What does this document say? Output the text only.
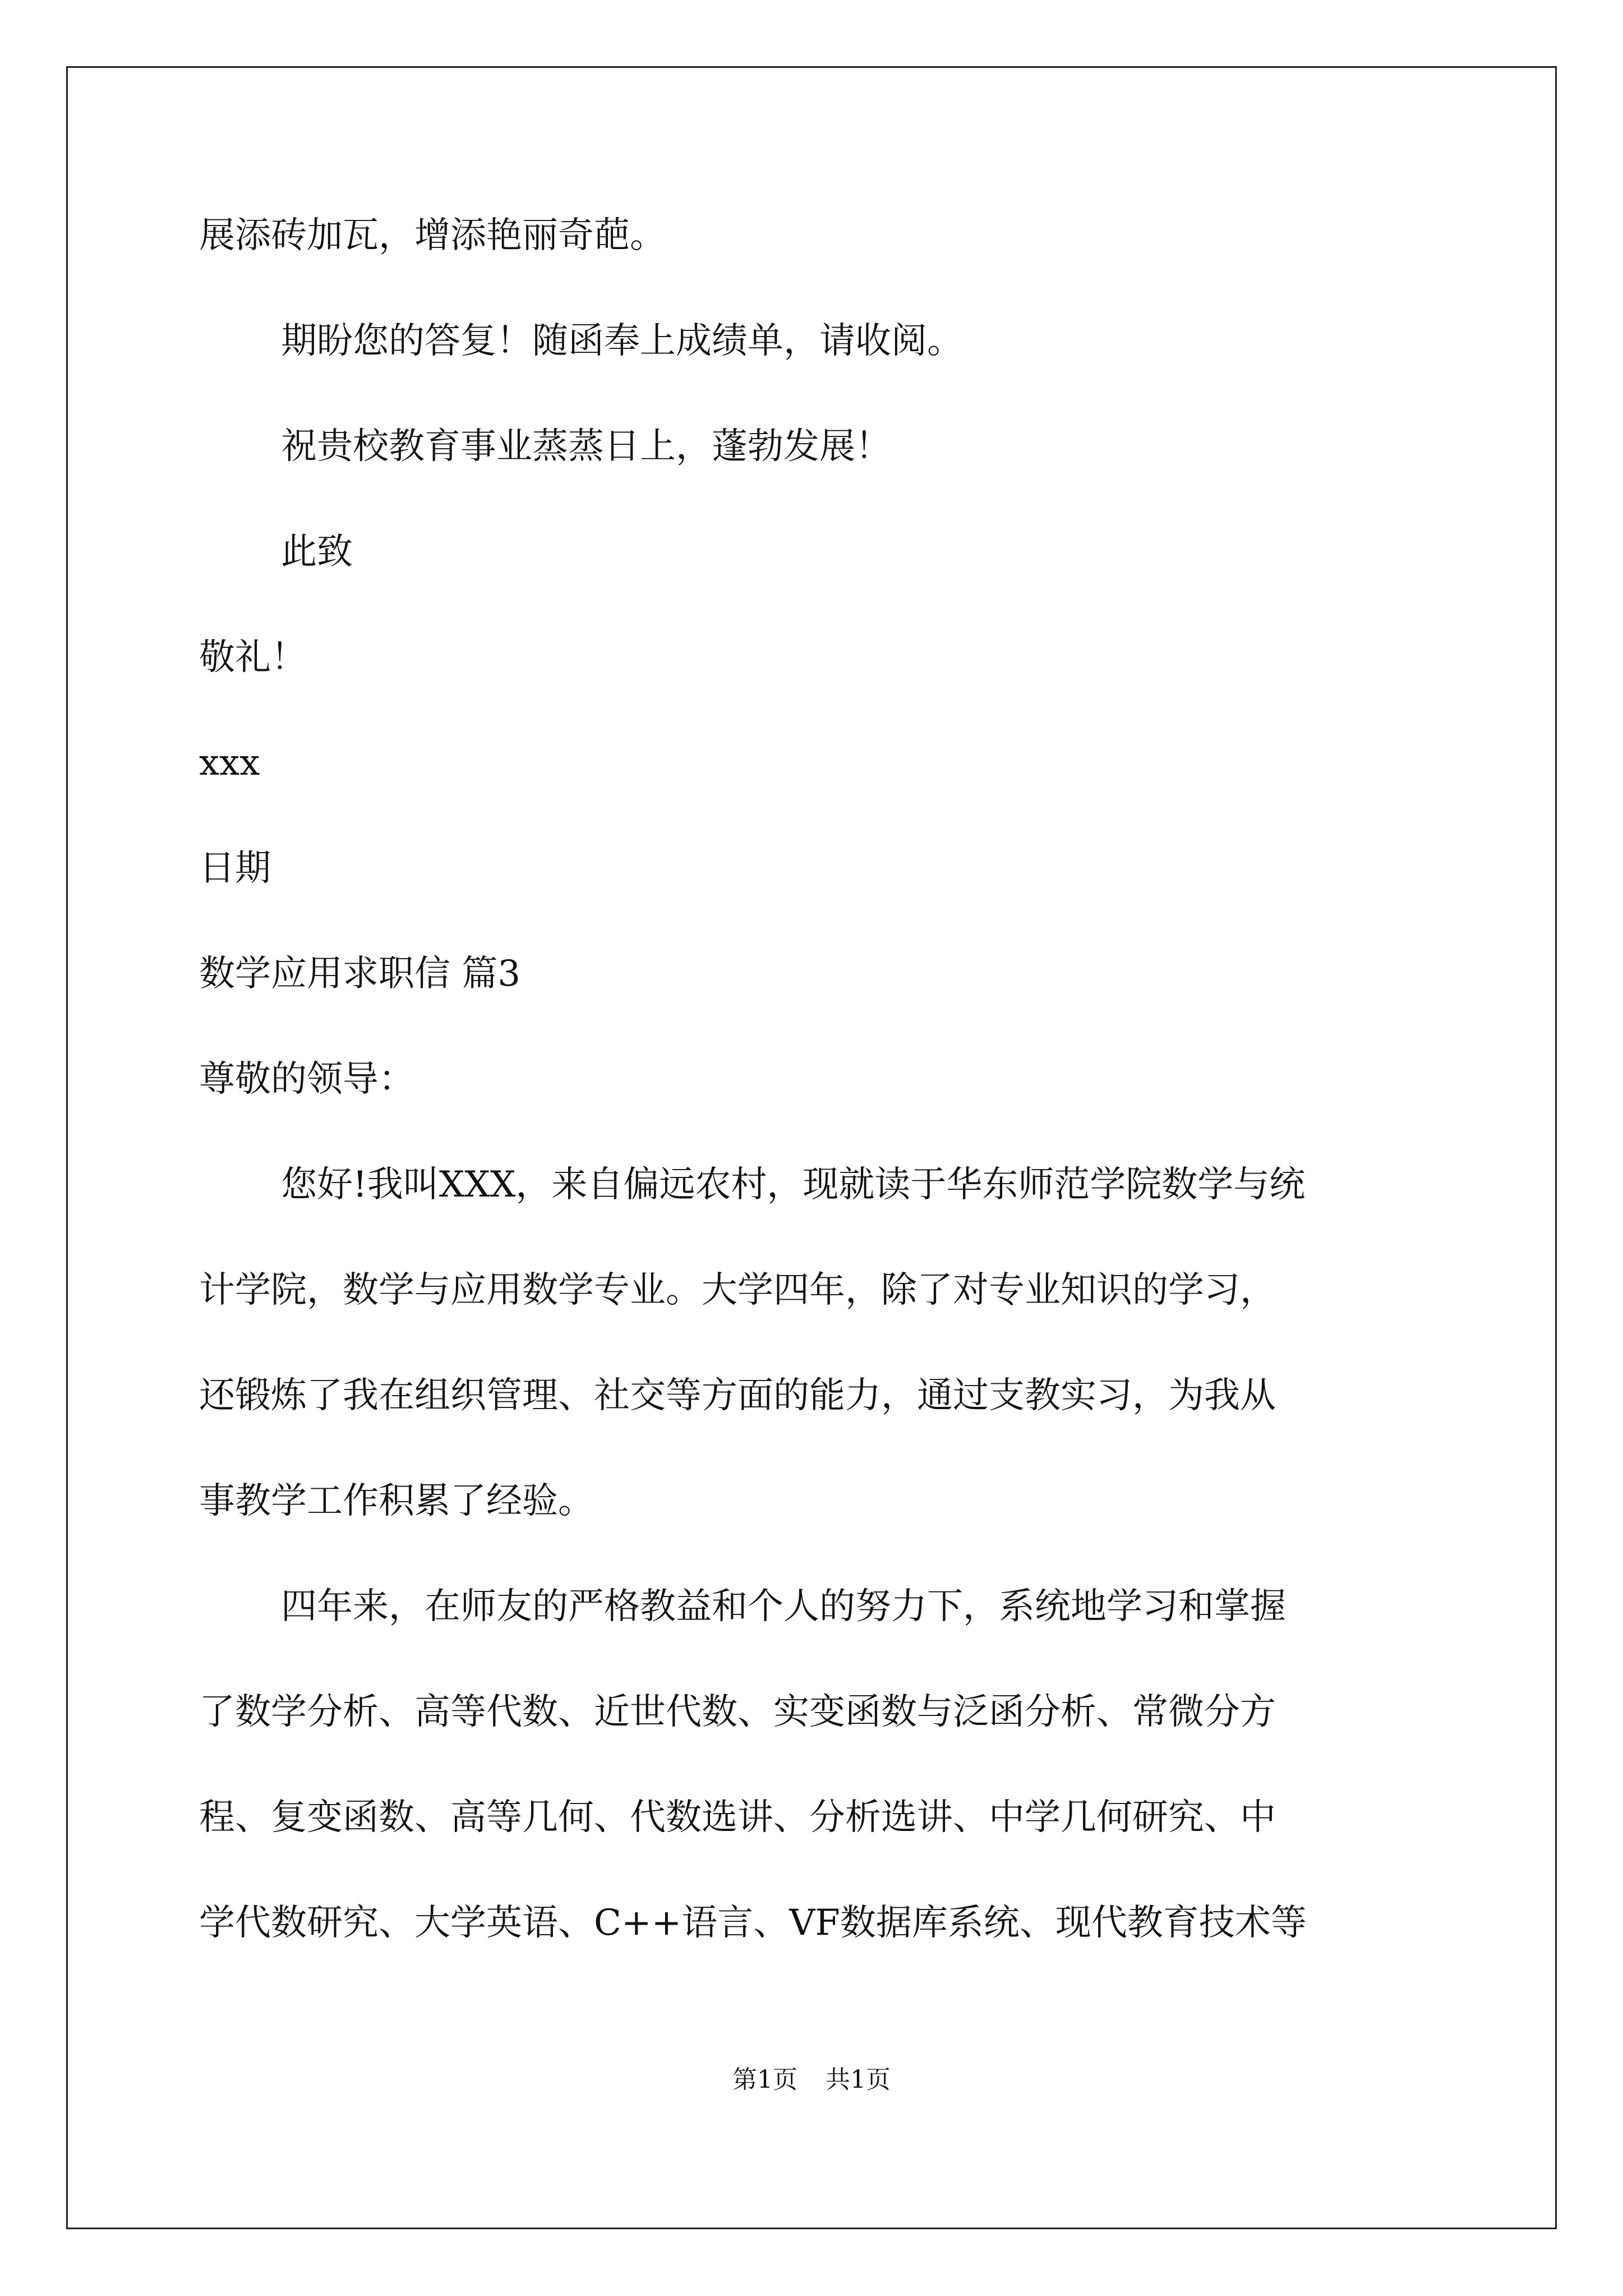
展添砖加瓦，增添艳丽奇葩。
期盼您的答复！随函奉上成绩单，请收阅。
祝贵校教育事业蒸蒸日上，蓬勃发展！
此致
敬礼！
xxx
日期
数学应用求职信 篇3
尊敬的领导：
您好!我叫XXX，来自偏远农村，现就读于华东师范学院数学与统
计学院，数学与应用数学专业。大学四年，除了对专业知识的学习，
还锻炼了我在组织管理、社交等方面的能力，通过支教实习，为我从
事教学工作积累了经验。
四年来，在师友的严格教益和个人的努力下，系统地学习和掌握
了数学分析、高等代数、近世代数、实变函数与泛函分析、常微分方
程、复变函数、高等几何、代数选讲、分析选讲、中学几何研究、中
学代数研究、大学英语、C++语言、VF数据库系统、现代教育技术等
第1页 共1页
